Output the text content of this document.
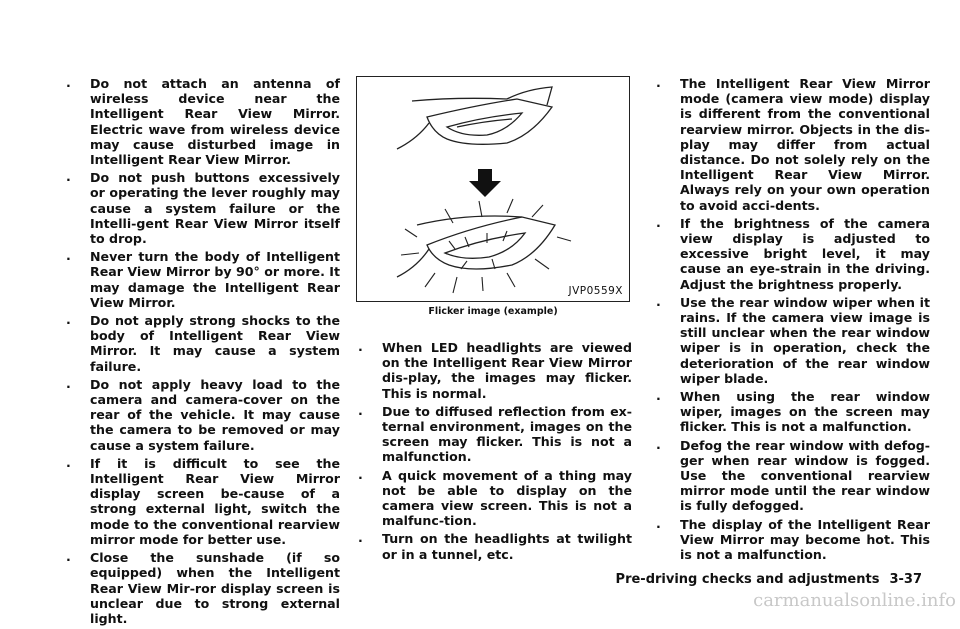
. Do not attach an antenna of wireless device near the Intelligent Rear View Mirror. Electric wave from wireless device may cause disturbed image in Intelligent Rear View Mirror.
. Do not push buttons excessively or operating the lever roughly may cause a system failure or the Intelli-gent Rear View Mirror itself to drop.
. Never turn the body of Intelligent Rear View Mirror by 90° or more. It may damage the Intelligent Rear View Mirror.
. Do not apply strong shocks to the body of Intelligent Rear View Mirror. It may cause a system failure.
. Do not apply heavy load to the camera and camera-cover on the rear of the vehicle. It may cause the camera to be removed or may cause a system failure.
. If it is difficult to see the Intelligent Rear View Mirror display screen be-cause of a strong external light, switch the mode to the conventional rearview mirror mode for better use.
. Close the sunshade (if so equipped) when the Intelligent Rear View Mir-ror display screen is unclear due to strong external light.
JVP0559X
Flicker image (example)
. When LED headlights are viewed on the Intelligent Rear View Mirror dis-play, the images may flicker. This is normal.
. Due to diffused reflection from ex-ternal environment, images on the screen may flicker. This is not a malfunction.
. A quick movement of a thing may not be able to display on the camera view screen. This is not a malfunc-tion.
. Turn on the headlights at twilight or in a tunnel, etc.
. The Intelligent Rear View Mirror mode (camera view mode) display is different from the conventional rearview mirror. Objects in the dis-play may differ from actual distance. Do not solely rely on the Intelligent Rear View Mirror. Always rely on your own operation to avoid acci-dents.
. If the brightness of the camera view display is adjusted to excessive bright level, it may cause an eye-strain in the driving. Adjust the brightness properly.
. Use the rear window wiper when it rains. If the camera view image is still unclear when the rear window wiper is in operation, check the deterioration of the rear window wiper blade.
. When using the rear window wiper, images on the screen may flicker. This is not a malfunction.
. Defog the rear window with defog-ger when rear window is fogged. Use the conventional rearview mirror mode until the rear window is fully defogged.
. The display of the Intelligent Rear View Mirror may become hot. This is not a malfunction.
Pre-driving checks and adjustments 3-37
carmanualsonline.info
